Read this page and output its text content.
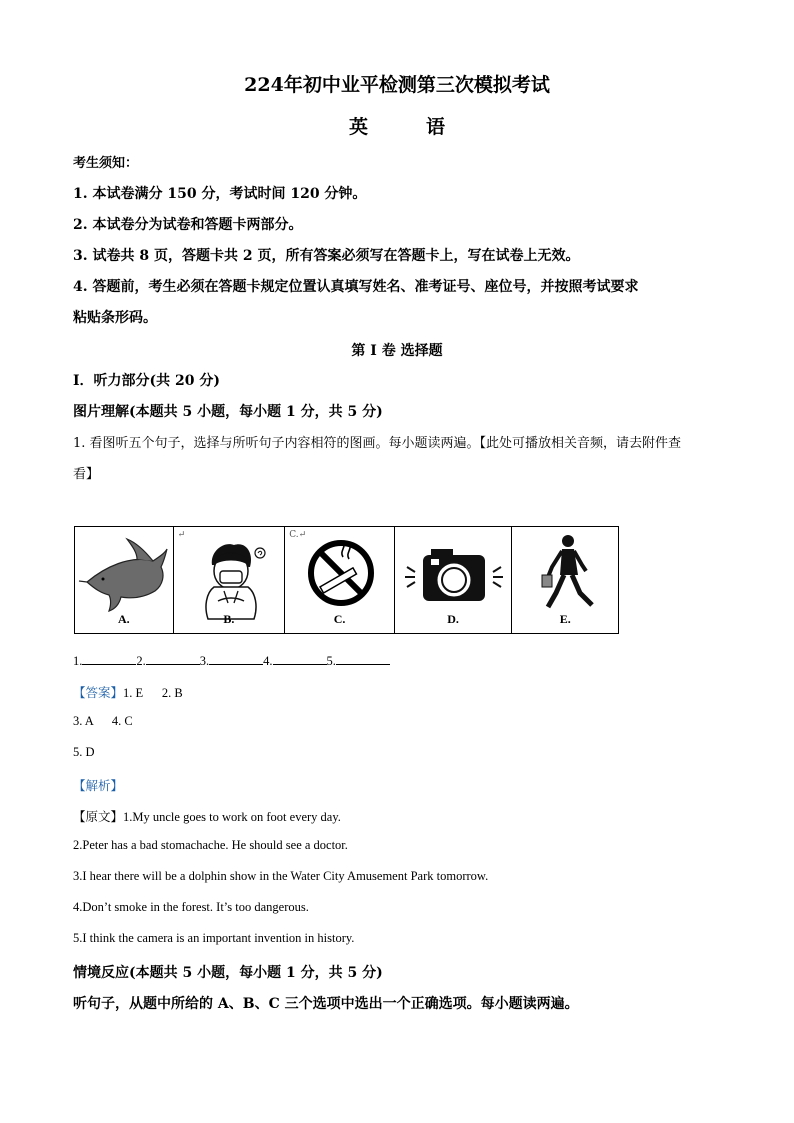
224年初中业平检测第三次模拟考试
英	语
考生须知：
1. 本试卷满分 150 分，考试时间 120 分钟。
2. 本试卷分为试卷和答题卡两部分。
3. 试卷共 8 页，答题卡共 2 页，所有答案必须写在答题卡上，写在试卷上无效。
4. 答题前，考生必须在答题卡规定位置认真填写姓名、准考证号、座位号，并按照考试要求
粘贴条形码。
第 I 卷 选择题
Ⅰ．听力部分(共 20 分)
图片理解(本题共 5 小题，每小题 1 分，共 5 分)
1. 看图听五个句子，选择与所听句子内容相符的图画。每小题读两遍。【此处可播放相关音频，请去附件查
看】
A.
↵
B.
C.↵
C.	D.	E.
1.	2.	3.	4.	5.
【答案】1. E      2. B
3. A      4. C
5. D
【解析】
【原文】1.My uncle goes to work on foot every day.
2.Peter has a bad stomachache. He should see a doctor.
3.I hear there will be a dolphin show in the Water City Amusement Park tomorrow.
4.Don’t smoke in the forest. It’s too dangerous.
5.I think the camera is an important invention in history.
情境反应(本题共 5 小题，每小题 1 分，共 5 分)
听句子，从题中所给的 A、B、C 三个选项中选出一个正确选项。每小题读两遍。
